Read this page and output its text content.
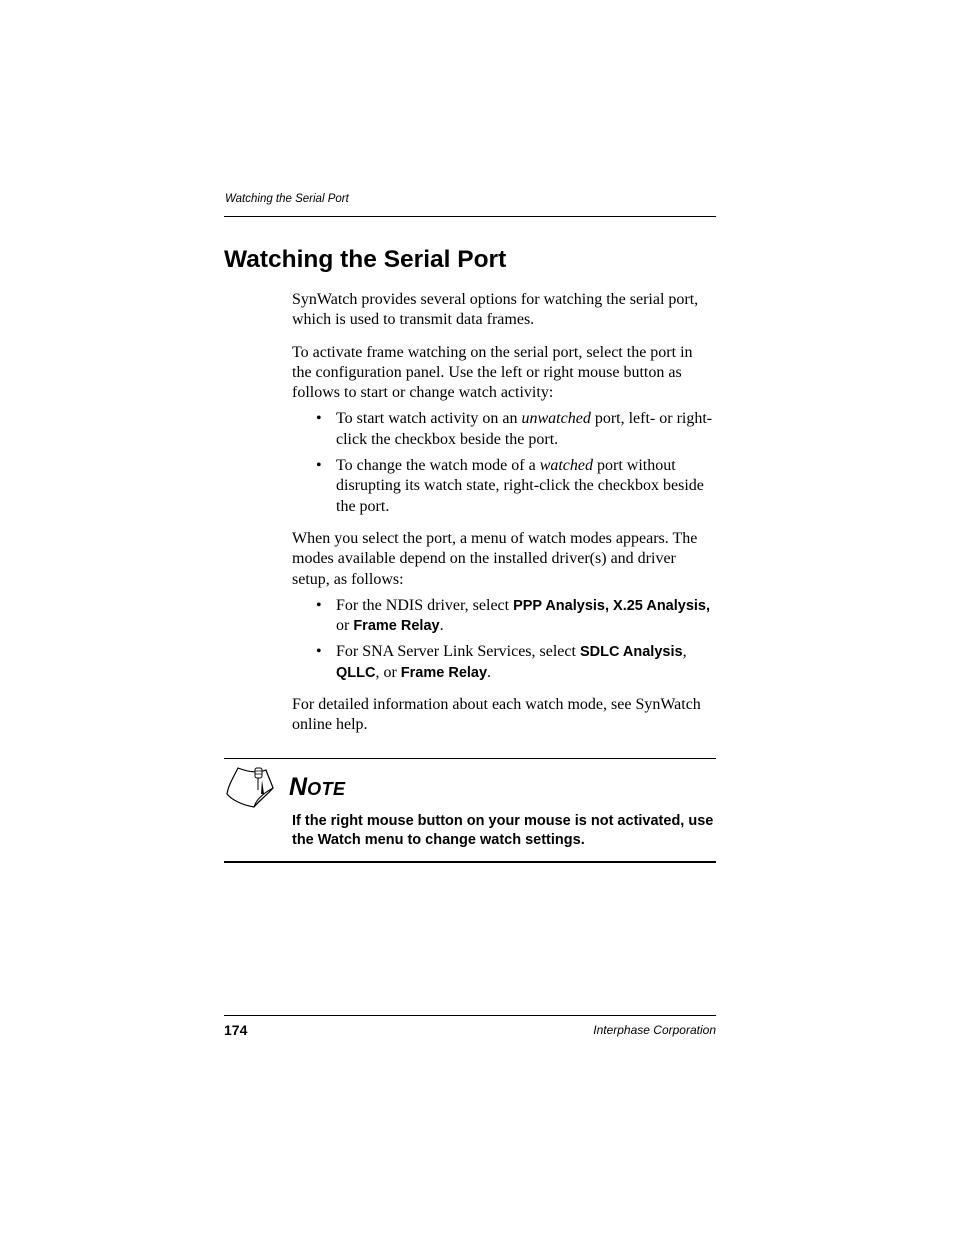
Watching the Serial Port
Watching the Serial Port

SynWatch provides several options for watching the serial port, which is used to transmit data frames.

To activate frame watching on the serial port, select the port in the configuration panel. Use the left or right mouse button as follows to start or change watch activity:

• To start watch activity on an unwatched port, left- or right-click the checkbox beside the port.
• To change the watch mode of a watched port without disrupting its watch state, right-click the checkbox beside the port.

When you select the port, a menu of watch modes appears. The modes available depend on the installed driver(s) and driver setup, as follows:

• For the NDIS driver, select PPP Analysis, X.25 Analysis, or Frame Relay.
• For SNA Server Link Services, select SDLC Analysis, QLLC, or Frame Relay.

For detailed information about each watch mode, see SynWatch online help.

NOTE
If the right mouse button on your mouse is not activated, use the Watch menu to change watch settings.
174	Interphase Corporation
